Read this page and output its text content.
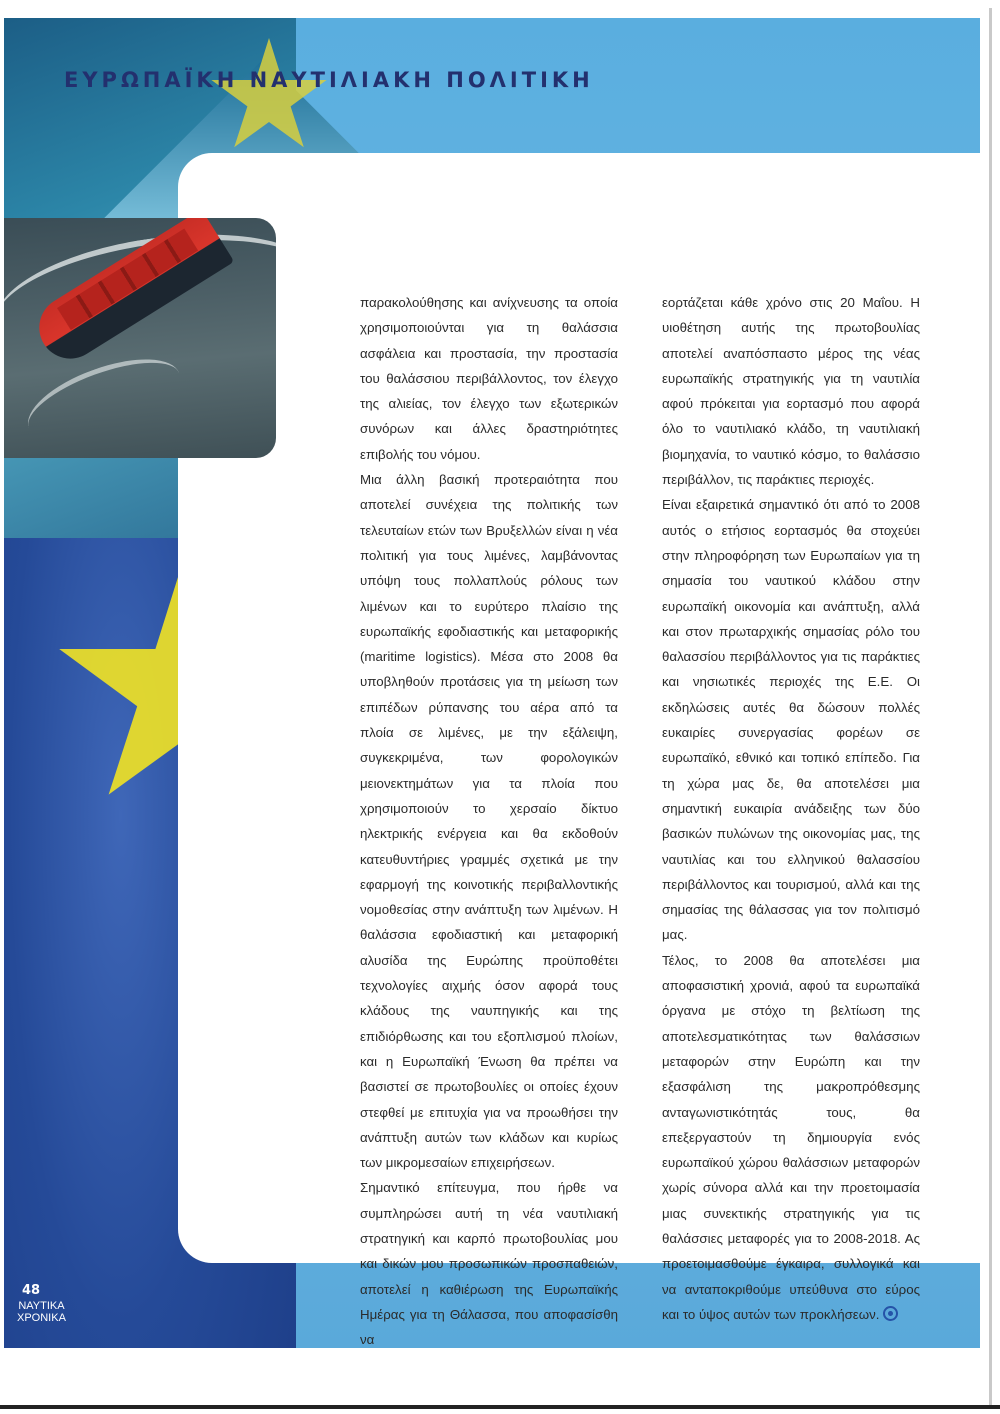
ΕΥΡΩΠΑΪΚΗ ΝΑΥΤΙΛΙΑΚΗ ΠΟΛΙΤΙΚΗ
48
ΝΑΥΤΙΚΑ
ΧΡΟΝΙΚΑ

παρακολούθησης και ανίχνευσης τα οποία χρησιμοποιούνται για τη θαλάσσια ασφάλεια και προστασία, την προστασία του θαλάσσιου περιβάλλοντος, τον έλεγχο της αλιείας, τον έλεγχο των εξωτερικών συνόρων και άλλες δραστηριότητες επιβολής του νόμου.

Μια άλλη βασική προτεραιότητα που αποτελεί συνέχεια της πολιτικής των τελευταίων ετών των Βρυξελλών είναι η νέα πολιτική για τους λιμένες, λαμβάνοντας υπόψη τους πολλαπλούς ρόλους των λιμένων και το ευρύτερο πλαίσιο της ευρωπαϊκής εφοδιαστικής και μεταφορικής (maritime logistics). Μέσα στο 2008 θα υποβληθούν προτάσεις για τη μείωση των επιπέδων ρύπανσης του αέρα από τα πλοία σε λιμένες, με την εξάλειψη, συγκεκριμένα, των φορολογικών μειονεκτημάτων για τα πλοία που χρησιμοποιούν το χερσαίο δίκτυο ηλεκτρικής ενέργεια και θα εκδοθούν κατευθυντήριες γραμμές σχετικά με την εφαρμογή της κοινοτικής περιβαλλοντικής νομοθεσίας στην ανάπτυξη των λιμένων. Η θαλάσσια εφοδιαστική και μεταφορική αλυσίδα της Ευρώπης προϋποθέτει τεχνολογίες αιχμής όσον αφορά τους κλάδους της ναυπηγικής και της επιδιόρθωσης και του εξοπλισμού πλοίων, και η Ευρωπαϊκή Ένωση θα πρέπει να βασιστεί σε πρωτοβουλίες οι οποίες έχουν στεφθεί με επιτυχία για να προωθήσει την ανάπτυξη αυτών των κλάδων και κυρίως των μικρομεσαίων επιχειρήσεων.

Σημαντικό επίτευγμα, που ήρθε να συμπληρώσει αυτή τη νέα ναυτιλιακή στρατηγική και καρπό πρωτοβουλίας μου και δικών μου προσωπικών προσπαθειών, αποτελεί η καθιέρωση της Ευρωπαϊκής Ημέρας για τη Θάλασσα, που αποφασίσθη να

εορτάζεται κάθε χρόνο στις 20 Μαΐου. Η υιοθέτηση αυτής της πρωτοβουλίας αποτελεί αναπόσπαστο μέρος της νέας ευρωπαϊκής στρατηγικής για τη ναυτιλία αφού πρόκειται για εορτασμό που αφορά όλο το ναυτιλιακό κλάδο, τη ναυτιλιακή βιομηχανία, το ναυτικό κόσμο, το θαλάσσιο περιβάλλον, τις παράκτιες περιοχές.

Είναι εξαιρετικά σημαντικό ότι από το 2008 αυτός ο ετήσιος εορτασμός θα στοχεύει στην πληροφόρηση των Ευρωπαίων για τη σημασία του ναυτικού κλάδου στην ευρωπαϊκή οικονομία και ανάπτυξη, αλλά και στον πρωταρχικής σημασίας ρόλο του θαλασσίου περιβάλλοντος για τις παράκτιες και νησιωτικές περιοχές της Ε.Ε. Οι εκδηλώσεις αυτές θα δώσουν πολλές ευκαιρίες συνεργασίας φορέων σε ευρωπαϊκό, εθνικό και τοπικό επίπεδο. Για τη χώρα μας δε, θα αποτελέσει μια σημαντική ευκαιρία ανάδειξης των δύο βασικών πυλώνων της οικονομίας μας, της ναυτιλίας και του ελληνικού θαλασσίου περιβάλλοντος και τουρισμού, αλλά και της σημασίας της θάλασσας για τον πολιτισμό μας.

Τέλος, το 2008 θα αποτελέσει μια αποφασιστική χρονιά, αφού τα ευρωπαϊκά όργανα με στόχο τη βελτίωση της αποτελεσματικότητας των θαλάσσιων μεταφορών στην Ευρώπη και την εξασφάλιση της μακροπρόθεσμης ανταγωνιστικότητάς τους, θα επεξεργαστούν τη δημιουργία ενός ευρωπαϊκού χώρου θαλάσσιων μεταφορών χωρίς σύνορα αλλά και την προετοιμασία μιας συνεκτικής στρατηγικής για τις θαλάσσιες μεταφορές για το 2008-2018. Ας προετοιμασθούμε έγκαιρα, συλλογικά και να ανταποκριθούμε υπεύθυνα στο εύρος και το ύψος αυτών των προκλήσεων.
